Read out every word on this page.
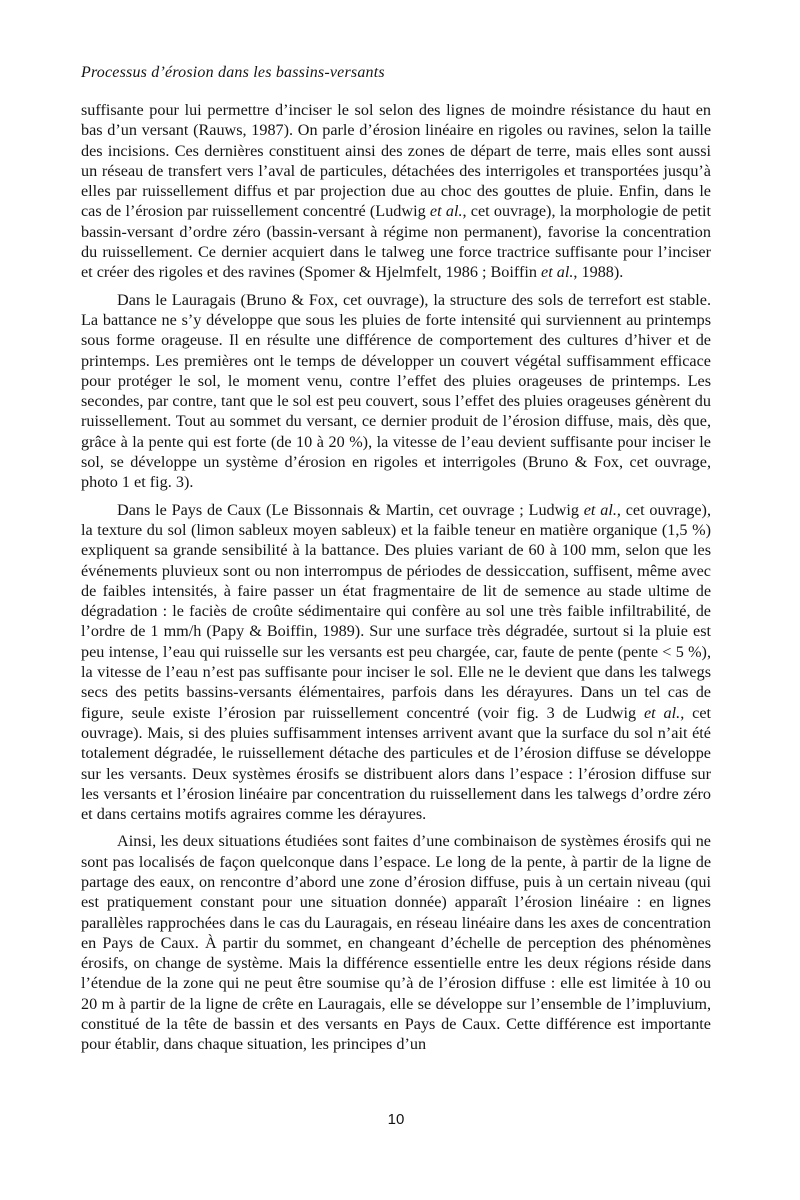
Processus d’érosion dans les bassins-versants

suffisante pour lui permettre d’inciser le sol selon des lignes de moindre résistance du haut en bas d’un versant (Rauws, 1987). On parle d’érosion linéaire en rigoles ou ravines, selon la taille des incisions. Ces dernières constituent ainsi des zones de départ de terre, mais elles sont aussi un réseau de transfert vers l’aval de particules, détachées des interrigoles et transportées jusqu’à elles par ruissellement diffus et par projection due au choc des gouttes de pluie. Enfin, dans le cas de l’érosion par ruissellement concentré (Ludwig et al., cet ouvrage), la morphologie de petit bassin-versant d’ordre zéro (bassin-versant à régime non permanent), favorise la concentration du ruissellement. Ce dernier acquiert dans le talweg une force tractrice suffisante pour l’inciser et créer des rigoles et des ravines (Spomer & Hjelmfelt, 1986 ; Boiffin et al., 1988).

Dans le Lauragais (Bruno & Fox, cet ouvrage), la structure des sols de terrefort est stable. La battance ne s’y développe que sous les pluies de forte intensité qui surviennent au printemps sous forme orageuse. Il en résulte une différence de comportement des cultures d’hiver et de printemps. Les premières ont le temps de développer un couvert végétal suffisamment efficace pour protéger le sol, le moment venu, contre l’effet des pluies orageuses de printemps. Les secondes, par contre, tant que le sol est peu couvert, sous l’effet des pluies orageuses génèrent du ruissellement. Tout au sommet du versant, ce dernier produit de l’érosion diffuse, mais, dès que, grâce à la pente qui est forte (de 10 à 20 %), la vitesse de l’eau devient suffisante pour inciser le sol, se développe un système d’érosion en rigoles et interrigoles (Bruno & Fox, cet ouvrage, photo 1 et fig. 3).

Dans le Pays de Caux (Le Bissonnais & Martin, cet ouvrage ; Ludwig et al., cet ouvrage), la texture du sol (limon sableux moyen sableux) et la faible teneur en matière organique (1,5 %) expliquent sa grande sensibilité à la battance. Des pluies variant de 60 à 100 mm, selon que les événements pluvieux sont ou non interrompus de périodes de dessiccation, suffisent, même avec de faibles intensités, à faire passer un état fragmentaire de lit de semence au stade ultime de dégradation : le faciès de croûte sédimentaire qui confère au sol une très faible infiltrabilité, de l’ordre de 1 mm/h (Papy & Boiffin, 1989). Sur une surface très dégradée, surtout si la pluie est peu intense, l’eau qui ruisselle sur les versants est peu chargée, car, faute de pente (pente < 5 %), la vitesse de l’eau n’est pas suffisante pour inciser le sol. Elle ne le devient que dans les talwegs secs des petits bassins-versants élémentaires, parfois dans les dérayures. Dans un tel cas de figure, seule existe l’érosion par ruissellement concentré (voir fig. 3 de Ludwig et al., cet ouvrage). Mais, si des pluies suffisamment intenses arrivent avant que la surface du sol n’ait été totalement dégradée, le ruissellement détache des particules et de l’érosion diffuse se développe sur les versants. Deux systèmes érosifs se distribuent alors dans l’espace : l’érosion diffuse sur les versants et l’érosion linéaire par concentration du ruissellement dans les talwegs d’ordre zéro et dans certains motifs agraires comme les dérayures.

Ainsi, les deux situations étudiées sont faites d’une combinaison de systèmes érosifs qui ne sont pas localisés de façon quelconque dans l’espace. Le long de la pente, à partir de la ligne de partage des eaux, on rencontre d’abord une zone d’érosion diffuse, puis à un certain niveau (qui est pratiquement constant pour une situation donnée) apparaît l’érosion linéaire : en lignes parallèles rapprochées dans le cas du Lauragais, en réseau linéaire dans les axes de concentration en Pays de Caux. À partir du sommet, en changeant d’échelle de perception des phénomènes érosifs, on change de système. Mais la différence essentielle entre les deux régions réside dans l’étendue de la zone qui ne peut être soumise qu’à de l’érosion diffuse : elle est limitée à 10 ou 20 m à partir de la ligne de crête en Lauragais, elle se développe sur l’ensemble de l’impluvium, constitué de la tête de bassin et des versants en Pays de Caux. Cette différence est importante pour établir, dans chaque situation, les principes d’un

10
